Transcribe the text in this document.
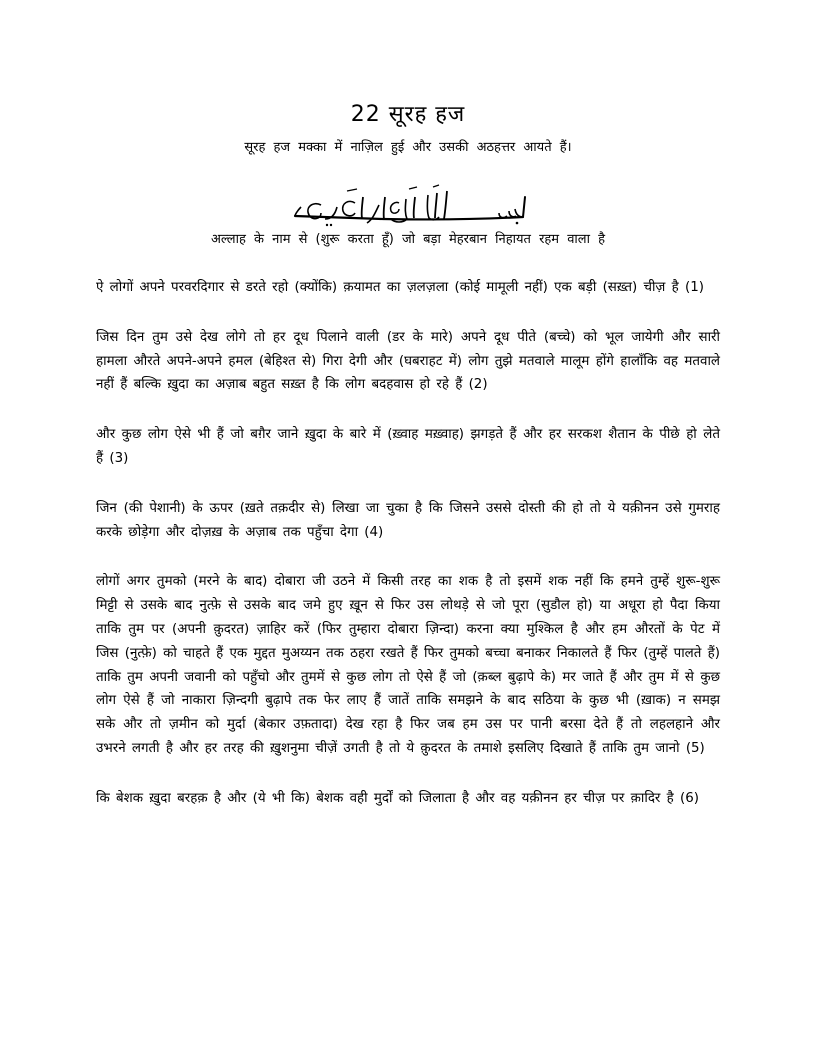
22 सूरह हज
सूरह हज मक्का में नाज़िल हुई और उसकी अठहत्तर आयते हैं।
अल्लाह के नाम से (शुरू करता हूँ) जो बड़ा मेहरबान निहायत रहम वाला है

ऐ लोगों अपने परवरदिगार से डरते रहो (क्योंकि) क़यामत का ज़लज़ला (कोई मामूली नहीं) एक बड़ी (सख़्त) चीज़ है (1)

जिस दिन तुम उसे देख लोगे तो हर दूध पिलाने वाली (डर के मारे) अपने दूध पीते (बच्चे) को भूल जायेगी और सारी हामला औरते अपने-अपने हमल (बेहिश्त से) गिरा देगी और (घबराहट में) लोग तुझे मतवाले मालूम होंगे हालाँकि वह मतवाले नहीं हैं बल्कि ख़ुदा का अज़ाब बहुत सख़्त है कि लोग बदहवास हो रहे हैं (2)

और कुछ लोग ऐसे भी हैं जो बग़ैर जाने ख़ुदा के बारे में (ख़्वाह मख़्वाह) झगड़ते हैं और हर सरकश शैतान के पीछे हो लेते हैं (3)

जिन (की पेशानी) के ऊपर (ख़ते तक़दीर से) लिखा जा चुका है कि जिसने उससे दोस्ती की हो तो ये यक़ीनन उसे गुमराह करके छोड़ेगा और दोज़ख़ के अज़ाब तक पहुँचा देगा (4)

लोगों अगर तुमको (मरने के बाद) दोबारा जी उठने में किसी तरह का शक है तो इसमें शक नहीं कि हमने तुम्हें शुरू-शुरू मिट्टी से उसके बाद नुत्फ़े से उसके बाद जमे हुए ख़ून से फिर उस लोथड़े से जो पूरा (सुडौल हो) या अधूरा हो पैदा किया ताकि तुम पर (अपनी क़ुदरत) ज़ाहिर करें (फिर तुम्हारा दोबारा ज़िन्दा) करना क्या मुश्किल है और हम औरतों के पेट में जिस (नुत्फ़े) को चाहते हैं एक मुद्दत मुअय्यन तक ठहरा रखते हैं फिर तुमको बच्चा बनाकर निकालते हैं फिर (तुम्हें पालते हैं) ताकि तुम अपनी जवानी को पहुँचो और तुममें से कुछ लोग तो ऐसे हैं जो (क़ब्ल बुढ़ापे के) मर जाते हैं और तुम में से कुछ लोग ऐसे हैं जो नाकारा ज़िन्दगी बुढ़ापे तक फेर लाए हैं जातें ताकि समझने के बाद सठिया के कुछ भी (ख़ाक) न समझ सके और तो ज़मीन को मुर्दा (बेकार उफ़तादा) देख रहा है फिर जब हम उस पर पानी बरसा देते हैं तो लहलहाने और उभरने लगती है और हर तरह की ख़ुशनुमा चीज़ें उगती है तो ये क़ुदरत के तमाशे इसलिए दिखाते हैं ताकि तुम जानो (5)

कि बेशक ख़ुदा बरहक़ है और (ये भी कि) बेशक वही मुर्दों को जिलाता है और वह यक़ीनन हर चीज़ पर क़ादिर है (6)
